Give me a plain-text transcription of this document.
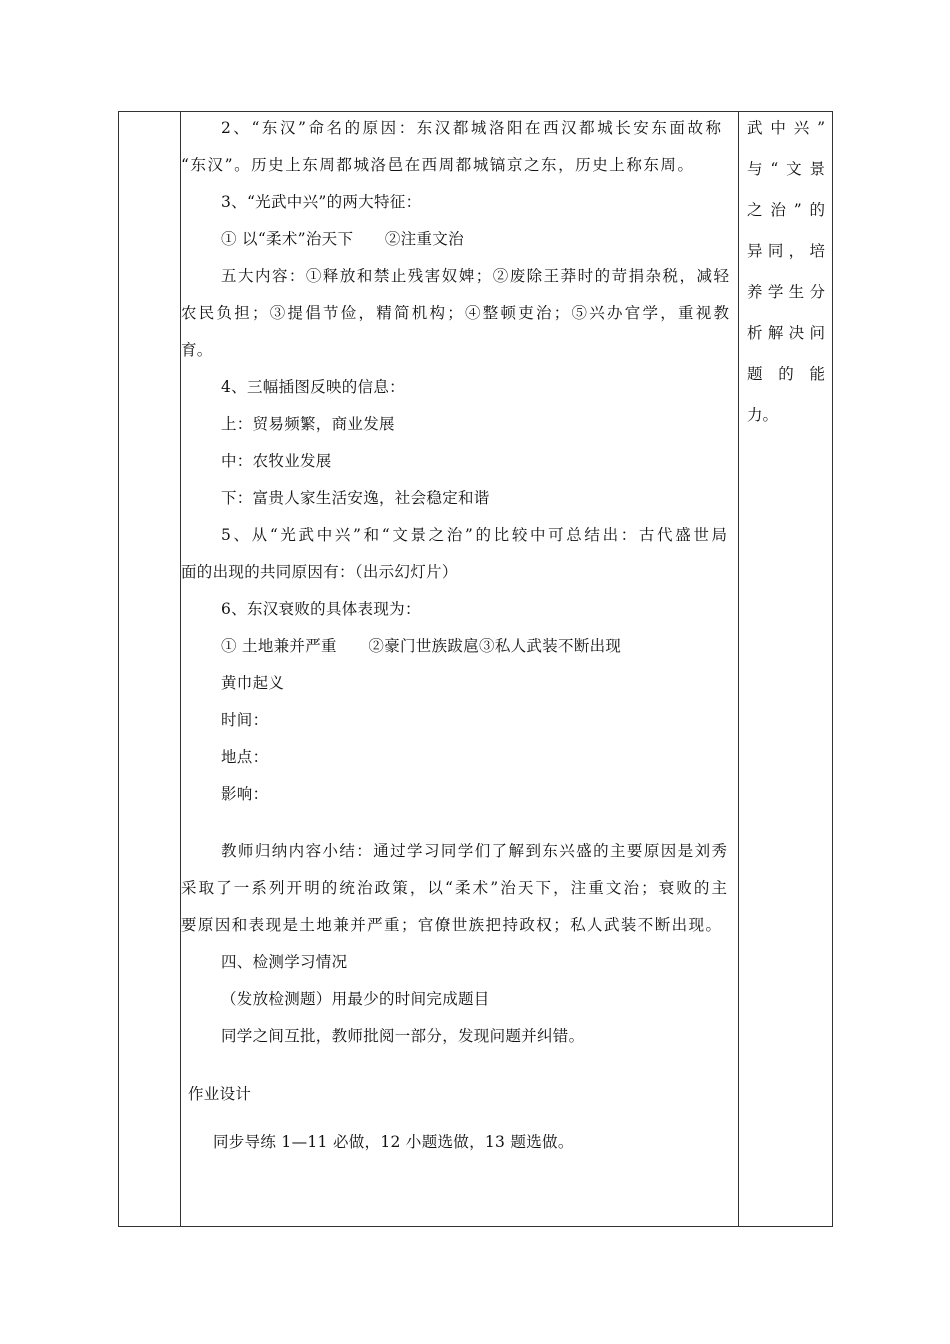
2、“东汉”命名的原因：东汉都城洛阳在西汉都城长安东面故称
“东汉”。历史上东周都城洛邑在西周都城镐京之东，历史上称东周。
3、“光武中兴”的两大特征：
① 以“柔术”治天下　　②注重文治
五大内容：①释放和禁止残害奴婢；②废除王莽时的苛捐杂税，减轻
农民负担；③提倡节俭，精简机构；④整顿吏治；⑤兴办官学，重视教
育。
4、三幅插图反映的信息：
上：贸易频繁，商业发展
中：农牧业发展
下：富贵人家生活安逸，社会稳定和谐
5、从“光武中兴”和“文景之治”的比较中可总结出：古代盛世局
面的出现的共同原因有：（出示幻灯片）
6、东汉衰败的具体表现为：
① 土地兼并严重　　②豪门世族跋扈③私人武装不断出现
黄巾起义
时间：
地点：
影响：
教师归纳内容小结：通过学习同学们了解到东兴盛的主要原因是刘秀
采取了一系列开明的统治政策，以“柔术”治天下，注重文治；衰败的主
要原因和表现是土地兼并严重；官僚世族把持政权；私人武装不断出现。
四、检测学习情况
（发放检测题）用最少的时间完成题目
同学之间互批，教师批阅一部分，发现问题并纠错。
作业设计
同步导练 1—11 必做，12 小题选做，13 题选做。
武中兴”
与“文景
之治”的
异同，培
养学生分
析解决问
题的能
力。
